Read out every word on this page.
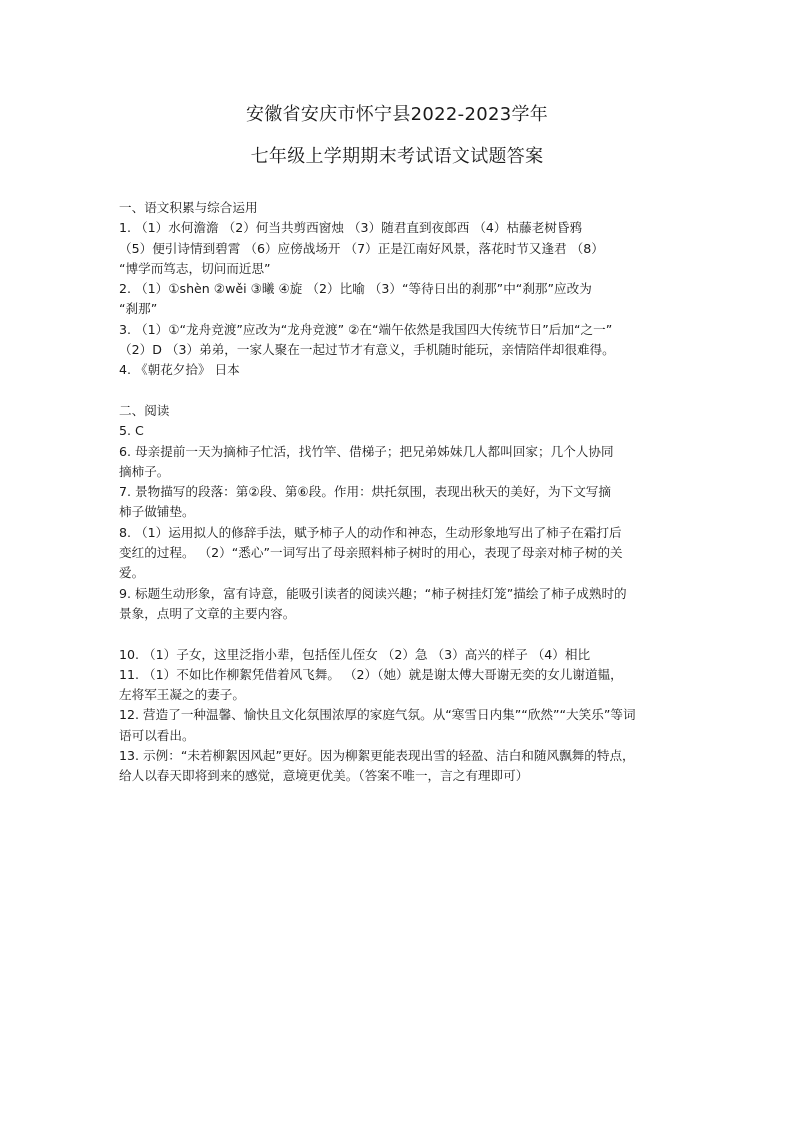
安徽省安庆市怀宁县2022-2023学年
七年级上学期期末考试语文试题答案
一、语文积累与综合运用
1. （1）水何澹澹 （2）何当共剪西窗烛 （3）随君直到夜郎西 （4）枯藤老树昏鸦
（5）便引诗情到碧霄 （6）应傍战场开 （7）正是江南好风景，落花时节又逢君 （8）
“博学而笃志，切问而近思”
2. （1）①shèn ②wěi ③曦 ④旋 （2）比喻 （3）“等待日出的刹那”中“刹那”应改为
“刹那”
3. （1）①“龙舟竞渡”应改为“龙舟竞渡” ②在“端午依然是我国四大传统节日”后加“之一”
（2）D （3）弟弟，一家人聚在一起过节才有意义，手机随时能玩，亲情陪伴却很难得。
4. 《朝花夕拾》 日本
二、阅读
5. C
6. 母亲提前一天为摘柿子忙活，找竹竿、借梯子；把兄弟姊妹几人都叫回家；几个人协同
摘柿子。
7. 景物描写的段落：第②段、第⑥段。作用：烘托氛围，表现出秋天的美好，为下文写摘
柿子做铺垫。
8. （1）运用拟人的修辞手法，赋予柿子人的动作和神态，生动形象地写出了柿子在霜打后
变红的过程。 （2）“悉心”一词写出了母亲照料柿子树时的用心，表现了母亲对柿子树的关
爱。
9. 标题生动形象，富有诗意，能吸引读者的阅读兴趣；“柿子树挂灯笼”描绘了柿子成熟时的
景象，点明了文章的主要内容。
10. （1）子女，这里泛指小辈，包括侄儿侄女 （2）急 （3）高兴的样子 （4）相比
11. （1）不如比作柳絮凭借着风飞舞。 （2）（她）就是谢太傅大哥谢无奕的女儿谢道韫，
左将军王凝之的妻子。
12. 营造了一种温馨、愉快且文化氛围浓厚的家庭气氛。从“寒雪日内集”“欣然”“大笑乐”等词
语可以看出。
13. 示例：“未若柳絮因风起”更好。因为柳絮更能表现出雪的轻盈、洁白和随风飘舞的特点，
给人以春天即将到来的感觉，意境更优美。（答案不唯一，言之有理即可）
